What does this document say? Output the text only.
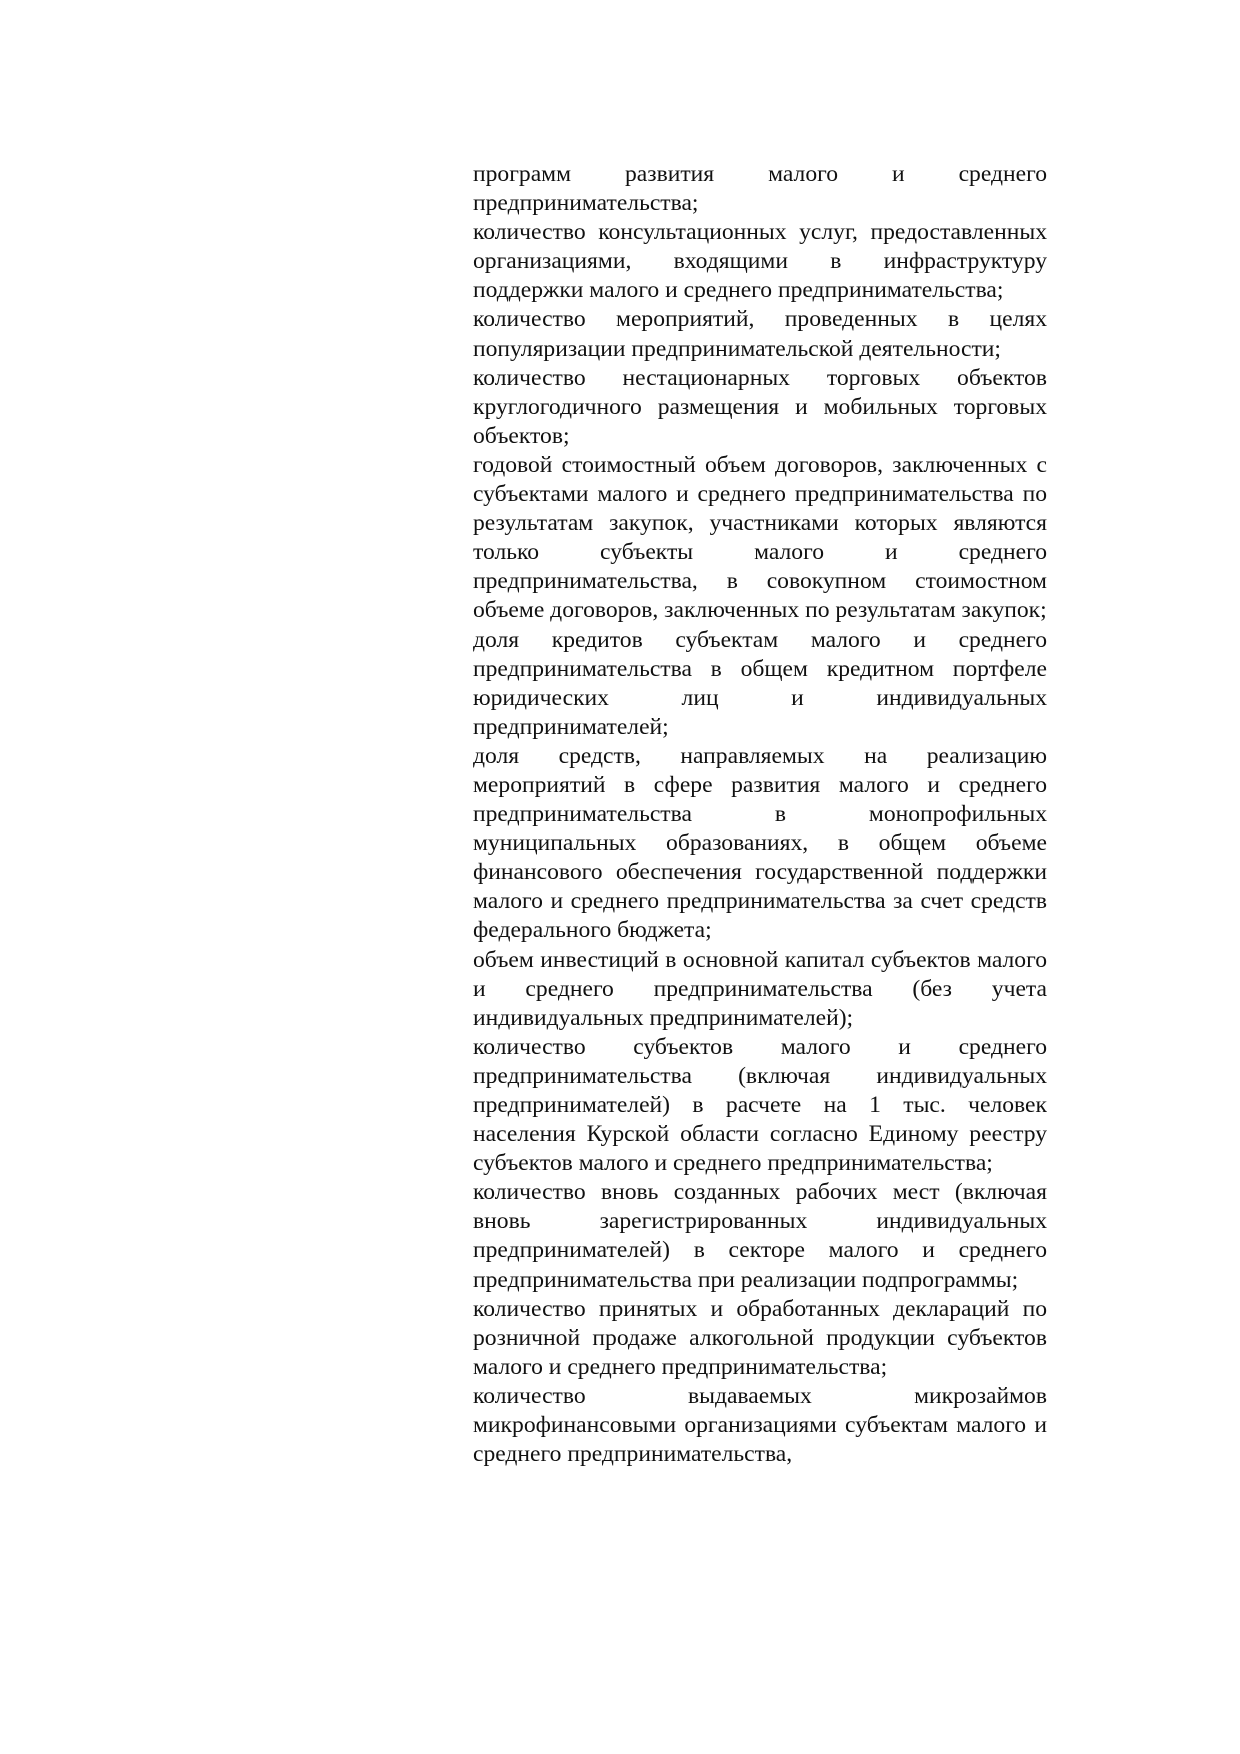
программ развития малого и среднего предпринимательства;

количество консультационных услуг, предоставленных организациями, входящими в инфраструктуру поддержки малого и среднего предпринимательства;

количество мероприятий, проведенных в целях популяризации предпринимательской деятельности;

количество нестационарных торговых объектов круглогодичного размещения и мобильных торговых объектов;

годовой стоимостный объем договоров, заключенных с субъектами малого и среднего предпринимательства по результатам закупок, участниками которых являются только субъекты малого и среднего предпринимательства, в совокупном стоимостном объеме договоров, заключенных по результатам закупок;

доля кредитов субъектам малого и среднего предпринимательства в общем кредитном портфеле юридических лиц и индивидуальных предпринимателей;

доля средств, направляемых на реализацию мероприятий в сфере развития малого и среднего предпринимательства в монопрофильных муниципальных образованиях, в общем объеме финансового обеспечения государственной поддержки малого и среднего предпринимательства за счет средств федерального бюджета;

объем инвестиций в основной капитал субъектов малого и среднего предпринимательства (без учета индивидуальных предпринимателей);

количество субъектов малого и среднего предпринимательства (включая индивидуальных предпринимателей) в расчете на 1 тыс. человек населения Курской области согласно Единому реестру субъектов малого и среднего предпринимательства;

количество вновь созданных рабочих мест (включая вновь зарегистрированных индивидуальных предпринимателей) в секторе малого и среднего предпринимательства при реализации подпрограммы;

количество принятых и обработанных деклараций по розничной продаже алкогольной продукции субъектов малого и среднего предпринимательства;

количество выдаваемых микрозаймов микрофинансовыми организациями субъектам малого и среднего предпринимательства,
